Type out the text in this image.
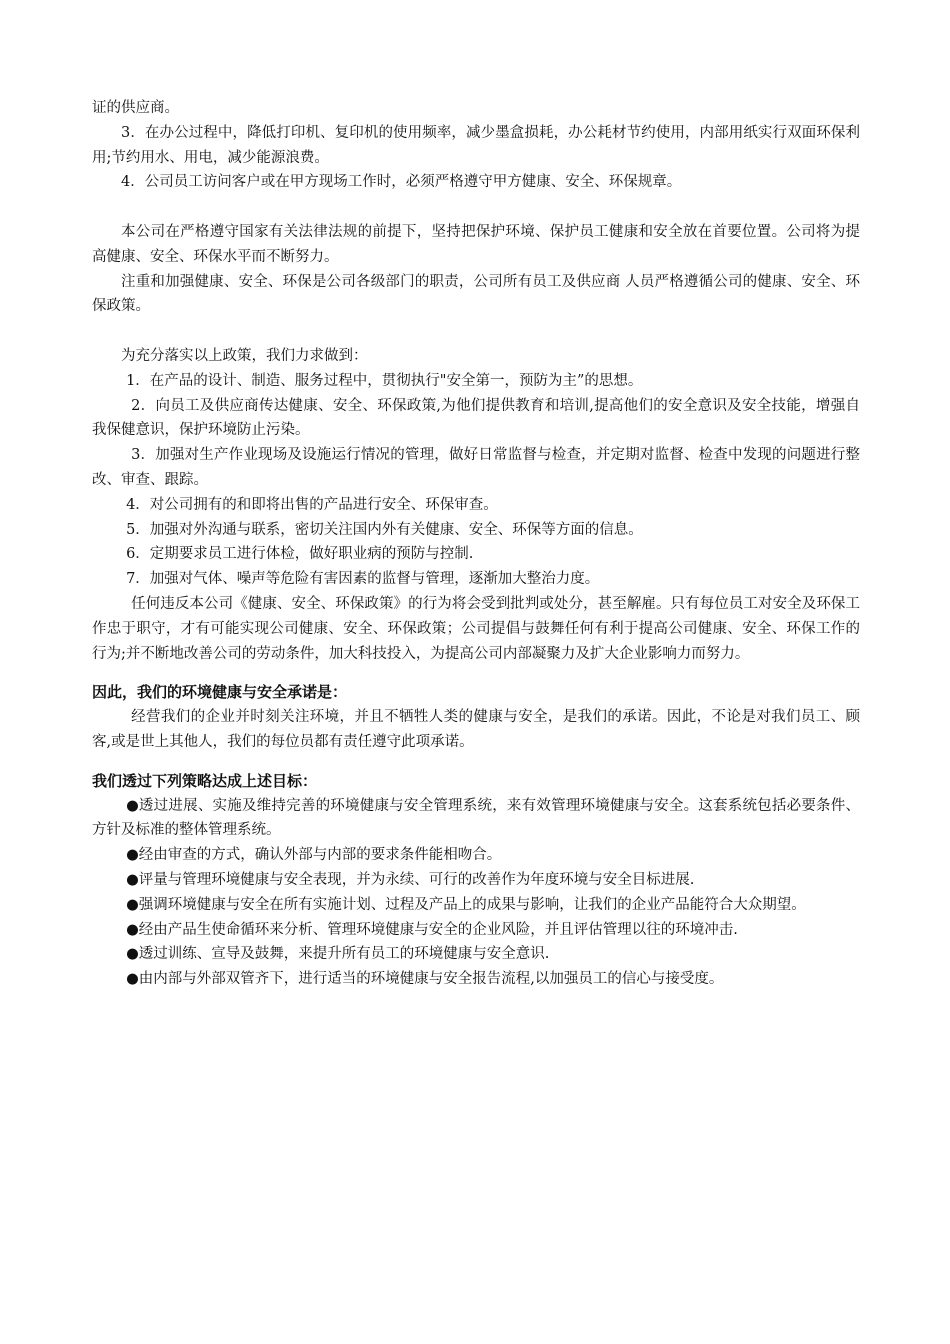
证的供应商。

3．在办公过程中，降低打印机、复印机的使用频率，减少墨盒损耗，办公耗材节约使用，内部用纸实行双面环保利用;节约用水、用电，减少能源浪费。

4．公司员工访问客户或在甲方现场工作时，必须严格遵守甲方健康、安全、环保规章。

本公司在严格遵守国家有关法律法规的前提下，坚持把保护环境、保护员工健康和安全放在首要位置。公司将为提高健康、安全、环保水平而不断努力。

注重和加强健康、安全、环保是公司各级部门的职责，公司所有员工及供应商 人员严格遵循公司的健康、安全、环保政策。

为充分落实以上政策，我们力求做到：

1．在产品的设计、制造、服务过程中，贯彻执行"安全第一，预防为主”的思想。

2．向员工及供应商传达健康、安全、环保政策,为他们提供教育和培训,提高他们的安全意识及安全技能，增强自我保健意识，保护环境防止污染。

3．加强对生产作业现场及设施运行情况的管理，做好日常监督与检查，并定期对监督、检查中发现的问题进行整改、审查、跟踪。

4．对公司拥有的和即将出售的产品进行安全、环保审查。

5．加强对外沟通与联系，密切关注国内外有关健康、安全、环保等方面的信息。

6．定期要求员工进行体检，做好职业病的预防与控制.

7．加强对气体、噪声等危险有害因素的监督与管理，逐渐加大整治力度。

任何违反本公司《健康、安全、环保政策》的行为将会受到批判或处分，甚至解雇。只有每位员工对安全及环保工作忠于职守，才有可能实现公司健康、安全、环保政策；公司提倡与鼓舞任何有利于提高公司健康、安全、环保工作的行为;并不断地改善公司的劳动条件，加大科技投入，为提高公司内部凝聚力及扩大企业影响力而努力。

因此，我们的环境健康与安全承诺是：

经营我们的企业并时刻关注环境，并且不牺牲人类的健康与安全，是我们的承诺。因此，不论是对我们员工、顾客,或是世上其他人，我们的每位员都有责任遵守此项承诺。

我们透过下列策略达成上述目标：

●透过进展、实施及维持完善的环境健康与安全管理系统，来有效管理环境健康与安全。这套系统包括必要条件、方针及标准的整体管理系统。

●经由审查的方式，确认外部与内部的要求条件能相吻合。

●评量与管理环境健康与安全表现，并为永续、可行的改善作为年度环境与安全目标进展.

●强调环境健康与安全在所有实施计划、过程及产品上的成果与影响，让我们的企业产品能符合大众期望。

●经由产品生使命循环来分析、管理环境健康与安全的企业风险，并且评估管理以往的环境冲击.

●透过训练、宣导及鼓舞，来提升所有员工的环境健康与安全意识.

●由内部与外部双管齐下，进行适当的环境健康与安全报告流程,以加强员工的信心与接受度。
